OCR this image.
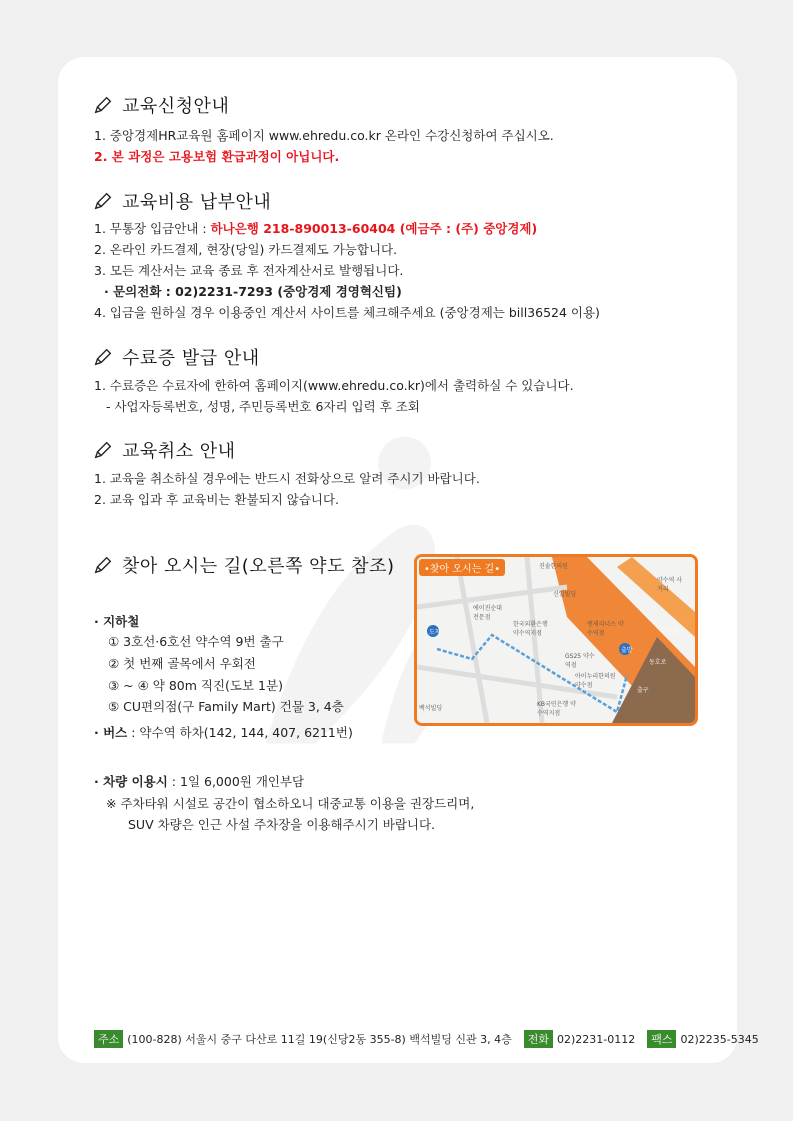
교육신청안내
1. 중앙경제HR교육원 홈페이지 www.ehredu.co.kr 온라인 수강신청하여 주십시오.
2. 본 과정은 고용보험 환급과정이 아닙니다.
교육비용 납부안내
1. 무통장 입금안내 : 하나은행 218-890013-60404 (예금주 : (주) 중앙경제)
2. 온라인 카드결제, 현장(당일) 카드결제도 가능합니다.
3. 모든 계산서는 교육 종료 후 전자계산서로 발행됩니다.
· 문의전화 : 02)2231-7293 (중앙경제 경영혁신팀)
4. 입금을 원하실 경우 이용중인 계산서 사이트를 체크해주세요 (중앙경제는 bill36524 이용)
수료증 발급 안내
1. 수료증은 수료자에 한하여 홈페이지(www.ehredu.co.kr)에서 출력하실 수 있습니다.
- 사업자등록번호, 성명, 주민등록번호 6자리 입력 후 조회
교육취소 안내
1. 교육을 취소하실 경우에는 반드시 전화상으로 알려 주시기 바랍니다.
2. 교육 입과 후 교육비는 환불되지 않습니다.
찾아 오시는 길(오른쪽 약도 참조)
· 지하철
① 3호선·6호선 약수역 9번 출구
② 첫 번째 골목에서 우회전
③ ~ ④ 약 80m 직진(도보 1분)
⑤ CU편의점(구 Family Mart) 건물 3, 4층
· 버스 : 약수역 하차(142, 144, 407, 6211번)
· 차량 이용시 : 1일 6,000원 개인부담
※ 주차타워 시설로 공간이 협소하오니 대중교통 이용을 권장드리며,
SUV 차량은 인근 사설 주차장을 이용해주시기 바랍니다.
•찾아 오시는 길•	진솔한의원
약수역 사거리
신일빌딩
에이진순대 전문점
한국외환은행 약수역지점
엔제리너스 약수역점
GS25 약수역점
아이누리한의원 약수점
KB국민은행 약수역지점
백석빌딩
약수역
도착
출발
출구
동호로
주소 (100-828) 서울시 중구 다산로 11길 19(신당2동 355-8) 백석빌딩 신관 3, 4층	전화 02)2231-0112	팩스 02)2235-5345
